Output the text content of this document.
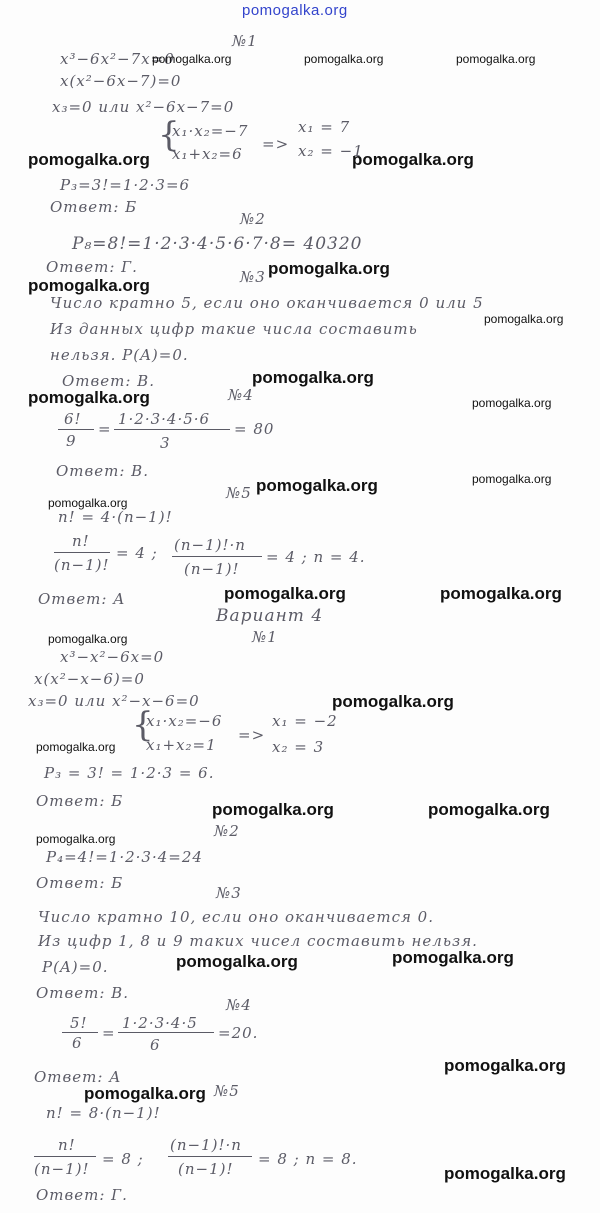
pomogalka.org
№1
x³−6x²−7x=0
x(x²−6x−7)=0
x₃=0 или x²−6x−7=0
{
x₁·x₂=−7
x₁+x₂=6
=>
x₁ = 7
x₂ = −1
P₃=3!=1·2·3=6
Ответ: Б
№2
P₈=8!=1·2·3·4·5·6·7·8= 40320
Ответ: Г.
№3
Число кратно 5, если оно оканчивается 0 или 5
Из данных цифр такие числа составить
нельзя. P(A)=0.
Ответ: В.
№4
6!
9
=
1·2·3·4·5·6
3
= 80
Ответ: В.
№5
n! = 4·(n−1)!
n!
(n−1)!
= 4 ; (n−1)!·n
(n−1)!
= 4 ; n = 4.
Ответ: А
Вариант 4
№1
x³−x²−6x=0
x(x²−x−6)=0
x₃=0 или x²−x−6=0
{
x₁·x₂=−6
x₁+x₂=1
=>
x₁ = −2
x₂ = 3
P₃ = 3! = 1·2·3 = 6.
Ответ: Б
№2
P₄=4!=1·2·3·4=24
Ответ: Б
№3
Число кратно 10, если оно оканчивается 0.
Из цифр 1, 8 и 9 таких чисел составить нельзя.
P(A)=0.
Ответ: В.
№4
5!
6
=
1·2·3·4·5
6
=20.
Ответ: А
№5
n! = 8·(n−1)!
n!
(n−1)!
= 8 ;
(n−1)!·n
(n−1)!
= 8 ; n = 8.
Ответ: Г.
pomogalka.org	pomogalka.org	pomogalka.org
pomogalka.org	pomogalka.org
pomogalka.org
pomogalka.org
pomogalka.org
pomogalka.org
pomogalka.org	pomogalka.org
pomogalka.org
pomogalka.org
pomogalka.org
pomogalka.org	pomogalka.org
pomogalka.org
pomogalka.org
pomogalka.org
pomogalka.org	pomogalka.org
pomogalka.org
pomogalka.org
pomogalka.org
pomogalka.org
pomogalka.org
pomogalka.org
